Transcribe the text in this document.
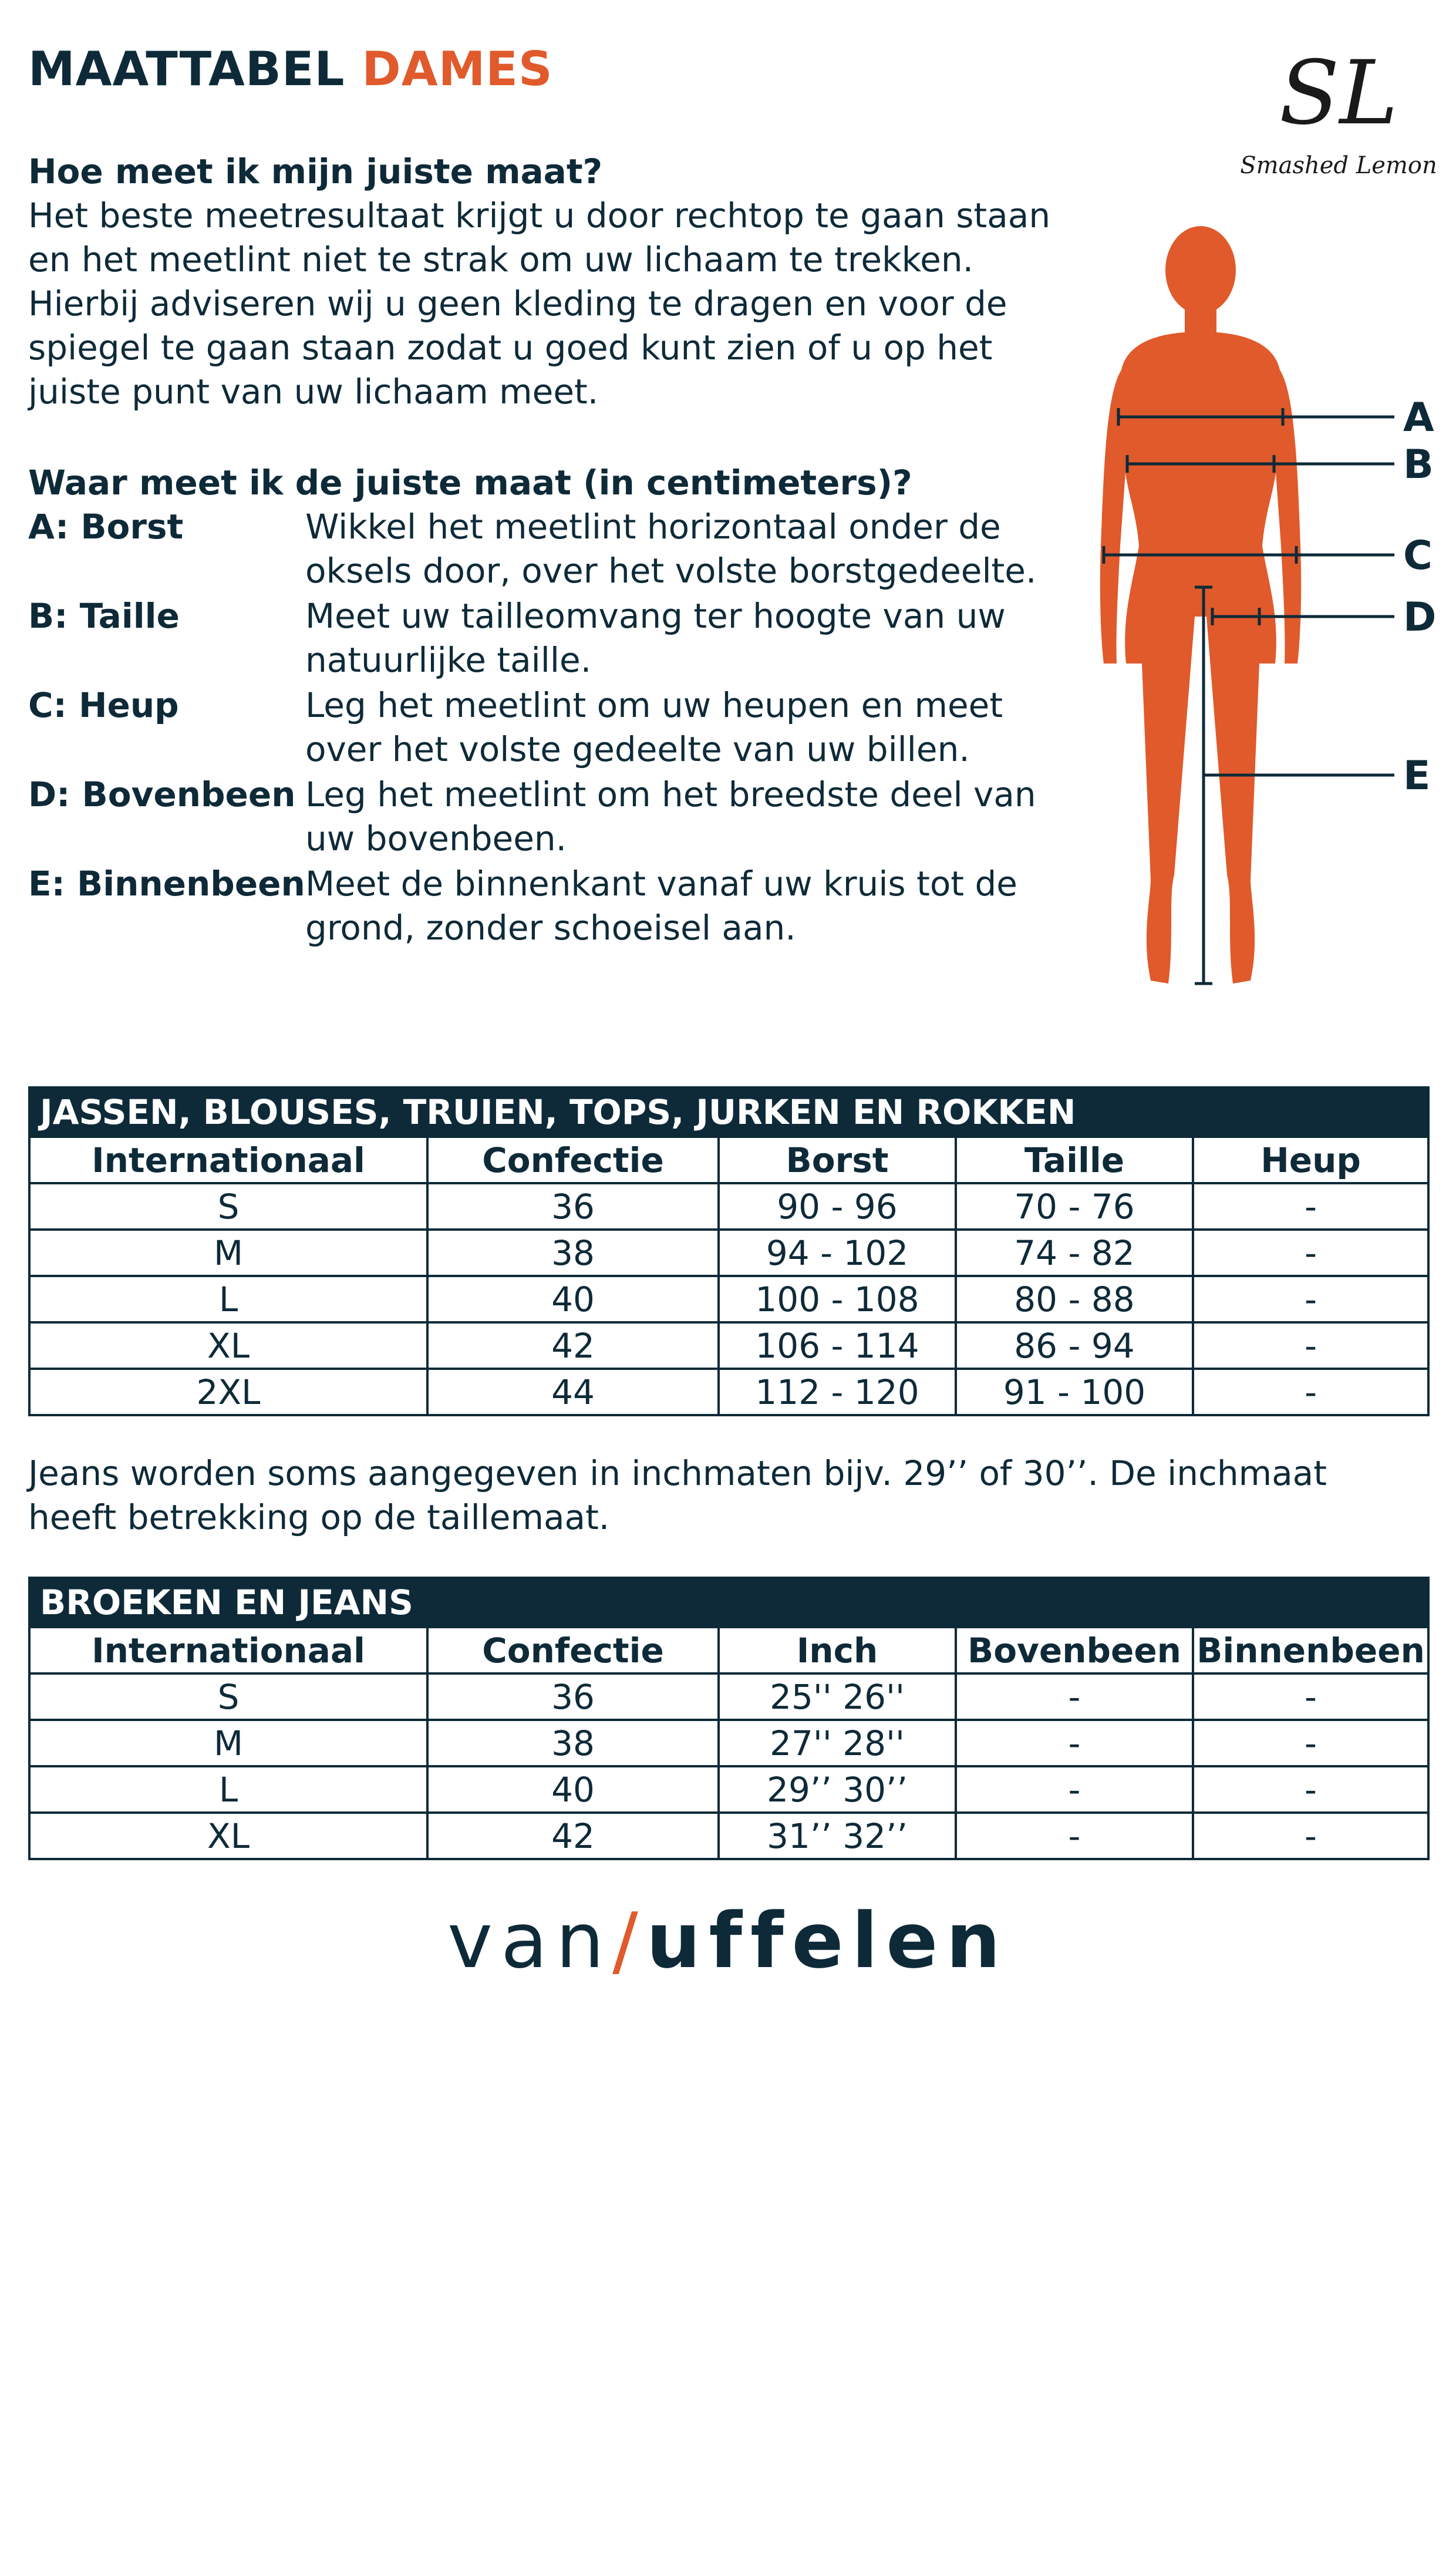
MAATTABEL DAMES	SL
Smashed Lemon
Hoe meet ik mijn juiste maat?
Het beste meetresultaat krijgt u door rechtop te gaan staan en het meetlint niet te strak om uw lichaam te trekken. Hierbij adviseren wij u geen kleding te dragen en voor de spiegel te gaan staan zodat u goed kunt zien of u op het juiste punt van uw lichaam meet.
Waar meet ik de juiste maat (in centimeters)?
A: Borst	Wikkel het meetlint horizontaal onder de oksels door, over het volste borstgedeelte.
B: Taille	Meet uw tailleomvang ter hoogte van uw natuurlijke taille.
C: Heup	Leg het meetlint om uw heupen en meet over het volste gedeelte van uw billen.
D: Bovenbeen Leg het meetlint om het breedste deel van uw bovenbeen.
E: Binnenbeen Meet de binnenkant vanaf uw kruis tot de grond, zonder schoeisel aan.
A
B
C
D
E
JASSEN, BLOUSES, TRUIEN, TOPS, JURKEN EN ROKKEN				
Internationaal	Confectie	Borst	Taille	Heup
S	36	90 - 96	70 - 76	-
M	38	94 - 102	74 - 82	-
L	40	100 - 108	80 - 88	-
XL	42	106 - 114	86 - 94	-
2XL	44	112 - 120	91 - 100	-
Jeans worden soms aangegeven in inchmaten bijv. 29’’ of 30’’. De inchmaat heeft betrekking op de taillemaat.
BROEKEN EN JEANS				
Internationaal	Confectie	Inch	Bovenbeen	Binnenbeen
S	36	25'' 26''	-	-
M	38	27'' 28''	-	-
L	40	29’’ 30’’	-	-
XL	42	31’’ 32’’	-	-
van/uffelen
